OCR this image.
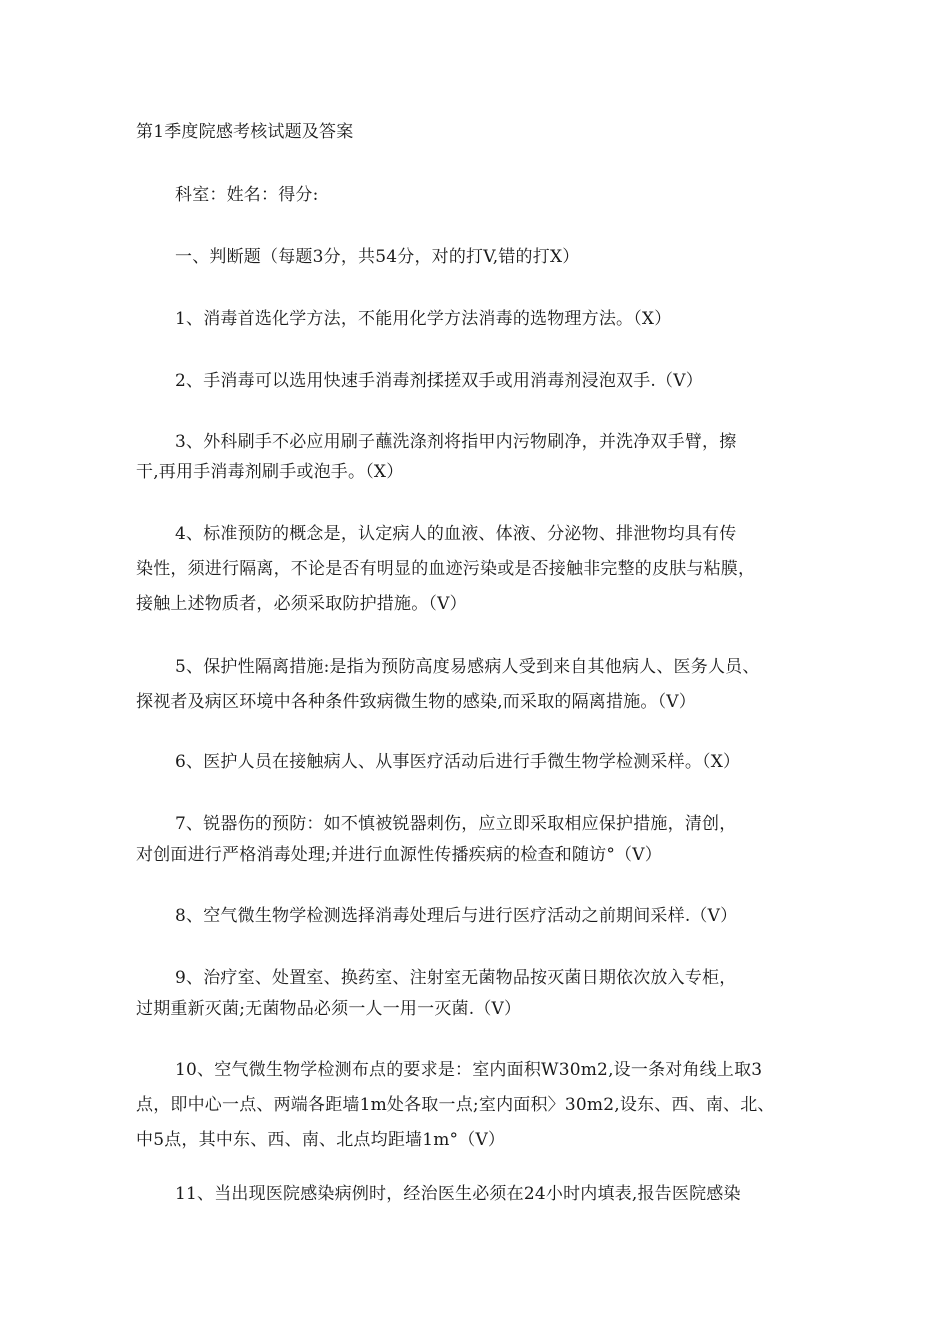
第1季度院感考核试题及答案
科室：姓名：得分:
一、判断题（每题3分，共54分，对的打V,错的打X）
1、消毒首选化学方法，不能用化学方法消毒的选物理方法。（X）
2、手消毒可以选用快速手消毒剂揉搓双手或用消毒剂浸泡双手.（V）
3、外科刷手不必应用刷子蘸洗涤剂将指甲内污物刷净，并洗净双手臂，擦
干,再用手消毒剂刷手或泡手。（X）
4、标准预防的概念是，认定病人的血液、体液、分泌物、排泄物均具有传
染性，须进行隔离，不论是否有明显的血迹污染或是否接触非完整的皮肤与粘膜，
接触上述物质者，必须采取防护措施。（V）
5、保护性隔离措施:是指为预防高度易感病人受到来自其他病人、医务人员、
探视者及病区环境中各种条件致病微生物的感染,而采取的隔离措施。（V）
6、医护人员在接触病人、从事医疗活动后进行手微生物学检测采样。（X）
7、锐器伤的预防：如不慎被锐器刺伤，应立即采取相应保护措施，清创，
对创面进行严格消毒处理;并进行血源性传播疾病的检查和随访°（V）
8、空气微生物学检测选择消毒处理后与进行医疗活动之前期间采样.（V）
9、治疗室、处置室、换药室、注射室无菌物品按灭菌日期依次放入专柜，
过期重新灭菌;无菌物品必须一人一用一灭菌.（V）
10、空气微生物学检测布点的要求是：室内面积W30m2,设一条对角线上取3
点，即中心一点、两端各距墙1m处各取一点;室内面积〉30m2,设东、西、南、北、
中5点，其中东、西、南、北点均距墙1m°（V）
11、当出现医院感染病例时，经治医生必须在24小时内填表,报告医院感染
